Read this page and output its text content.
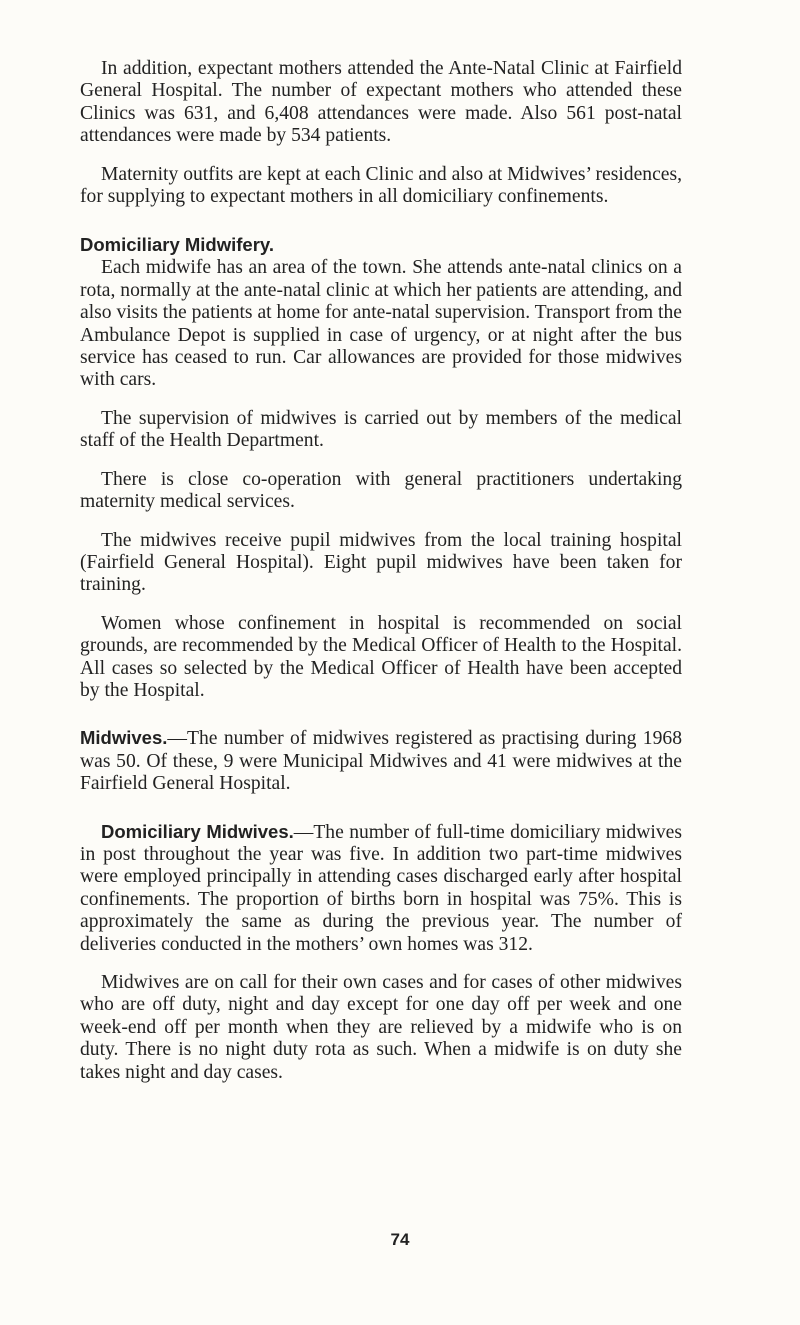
In addition, expectant mothers attended the Ante-Natal Clinic at Fairfield General Hospital. The number of expectant mothers who attended these Clinics was 631, and 6,408 attendances were made. Also 561 post-natal attendances were made by 534 patients.

Maternity outfits are kept at each Clinic and also at Midwives’ residences, for supplying to expectant mothers in all domiciliary confinements.

Domiciliary Midwifery.

Each midwife has an area of the town. She attends ante-natal clinics on a rota, normally at the ante-natal clinic at which her patients are attending, and also visits the patients at home for ante-natal supervision. Transport from the Ambulance Depot is supplied in case of urgency, or at night after the bus service has ceased to run. Car allowances are provided for those midwives with cars.

The supervision of midwives is carried out by members of the medical staff of the Health Department.

There is close co-operation with general practitioners undertaking maternity medical services.

The midwives receive pupil midwives from the local training hospital (Fairfield General Hospital). Eight pupil midwives have been taken for training.

Women whose confinement in hospital is recommended on social grounds, are recommended by the Medical Officer of Health to the Hospital. All cases so selected by the Medical Officer of Health have been accepted by the Hospital.

Midwives.—The number of midwives registered as practising during 1968 was 50. Of these, 9 were Municipal Midwives and 41 were midwives at the Fairfield General Hospital.

Domiciliary Midwives.—The number of full-time domiciliary midwives in post throughout the year was five. In addition two part-time midwives were employed principally in attending cases discharged early after hospital confinements. The proportion of births born in hospital was 75%. This is approximately the same as during the previous year. The number of deliveries conducted in the mothers’ own homes was 312.

Midwives are on call for their own cases and for cases of other midwives who are off duty, night and day except for one day off per week and one week-end off per month when they are relieved by a midwife who is on duty. There is no night duty rota as such. When a midwife is on duty she takes night and day cases.

74
